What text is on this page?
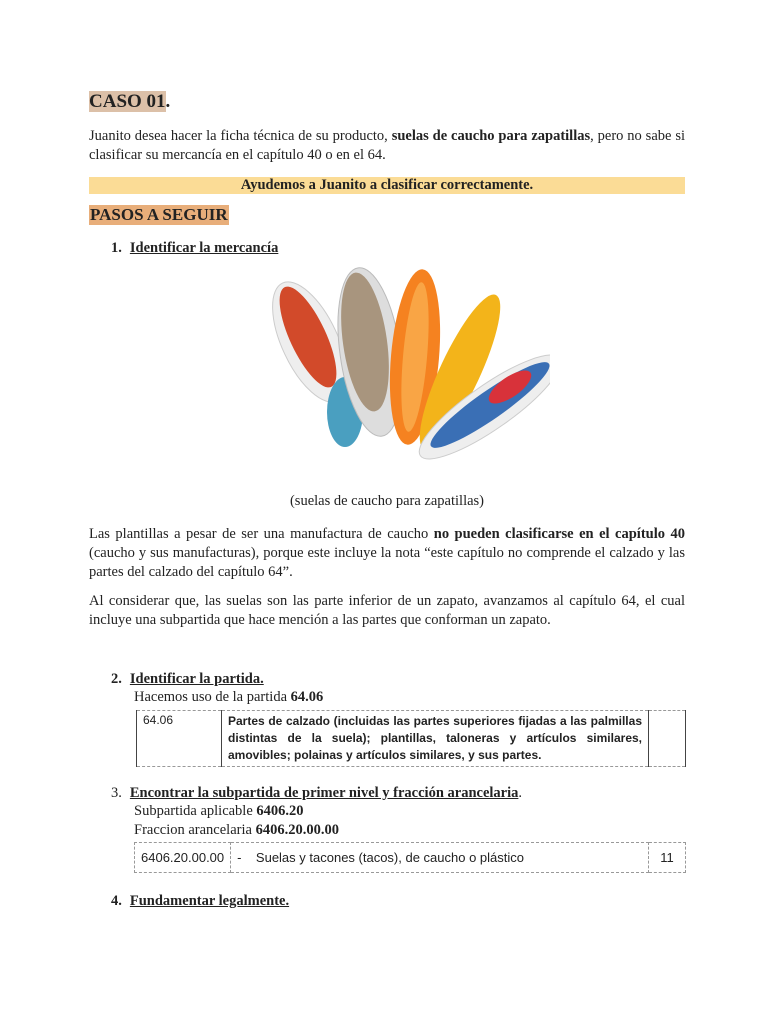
CASO 01.
Juanito desea hacer la ficha técnica de su producto, suelas de caucho para zapatillas, pero no sabe si clasificar su mercancía en el capítulo 40 o en el 64.
Ayudemos a Juanito a clasificar correctamente.
PASOS A SEGUIR
1. Identificar la mercancía
(suelas de caucho para zapatillas)
Las plantillas a pesar de ser una manufactura de caucho no pueden clasificarse en el capítulo 40 (caucho y sus manufacturas), porque este incluye la nota “este capítulo no comprende el calzado y las partes del calzado del capítulo 64”.
Al considerar que, las suelas son las parte inferior de un zapato, avanzamos al capítulo 64, el cual incluye una subpartida que hace mención a las partes que conforman un zapato.
2. Identificar la partida.
Hacemos uso de la partida 64.06
64.06	Partes de calzado (incluidas las partes superiores fijadas a las palmillas distintas de la suela); plantillas, taloneras y artículos similares, amovibles; polainas y artículos similares, y sus partes.	
3. Encontrar la subpartida de primer nivel y fracción arancelaria.
Subpartida aplicable 6406.20
Fraccion arancelaria 6406.20.00.00
6406.20.00.00	-    Suelas y tacones (tacos), de caucho o plástico	11
4. Fundamentar legalmente.
